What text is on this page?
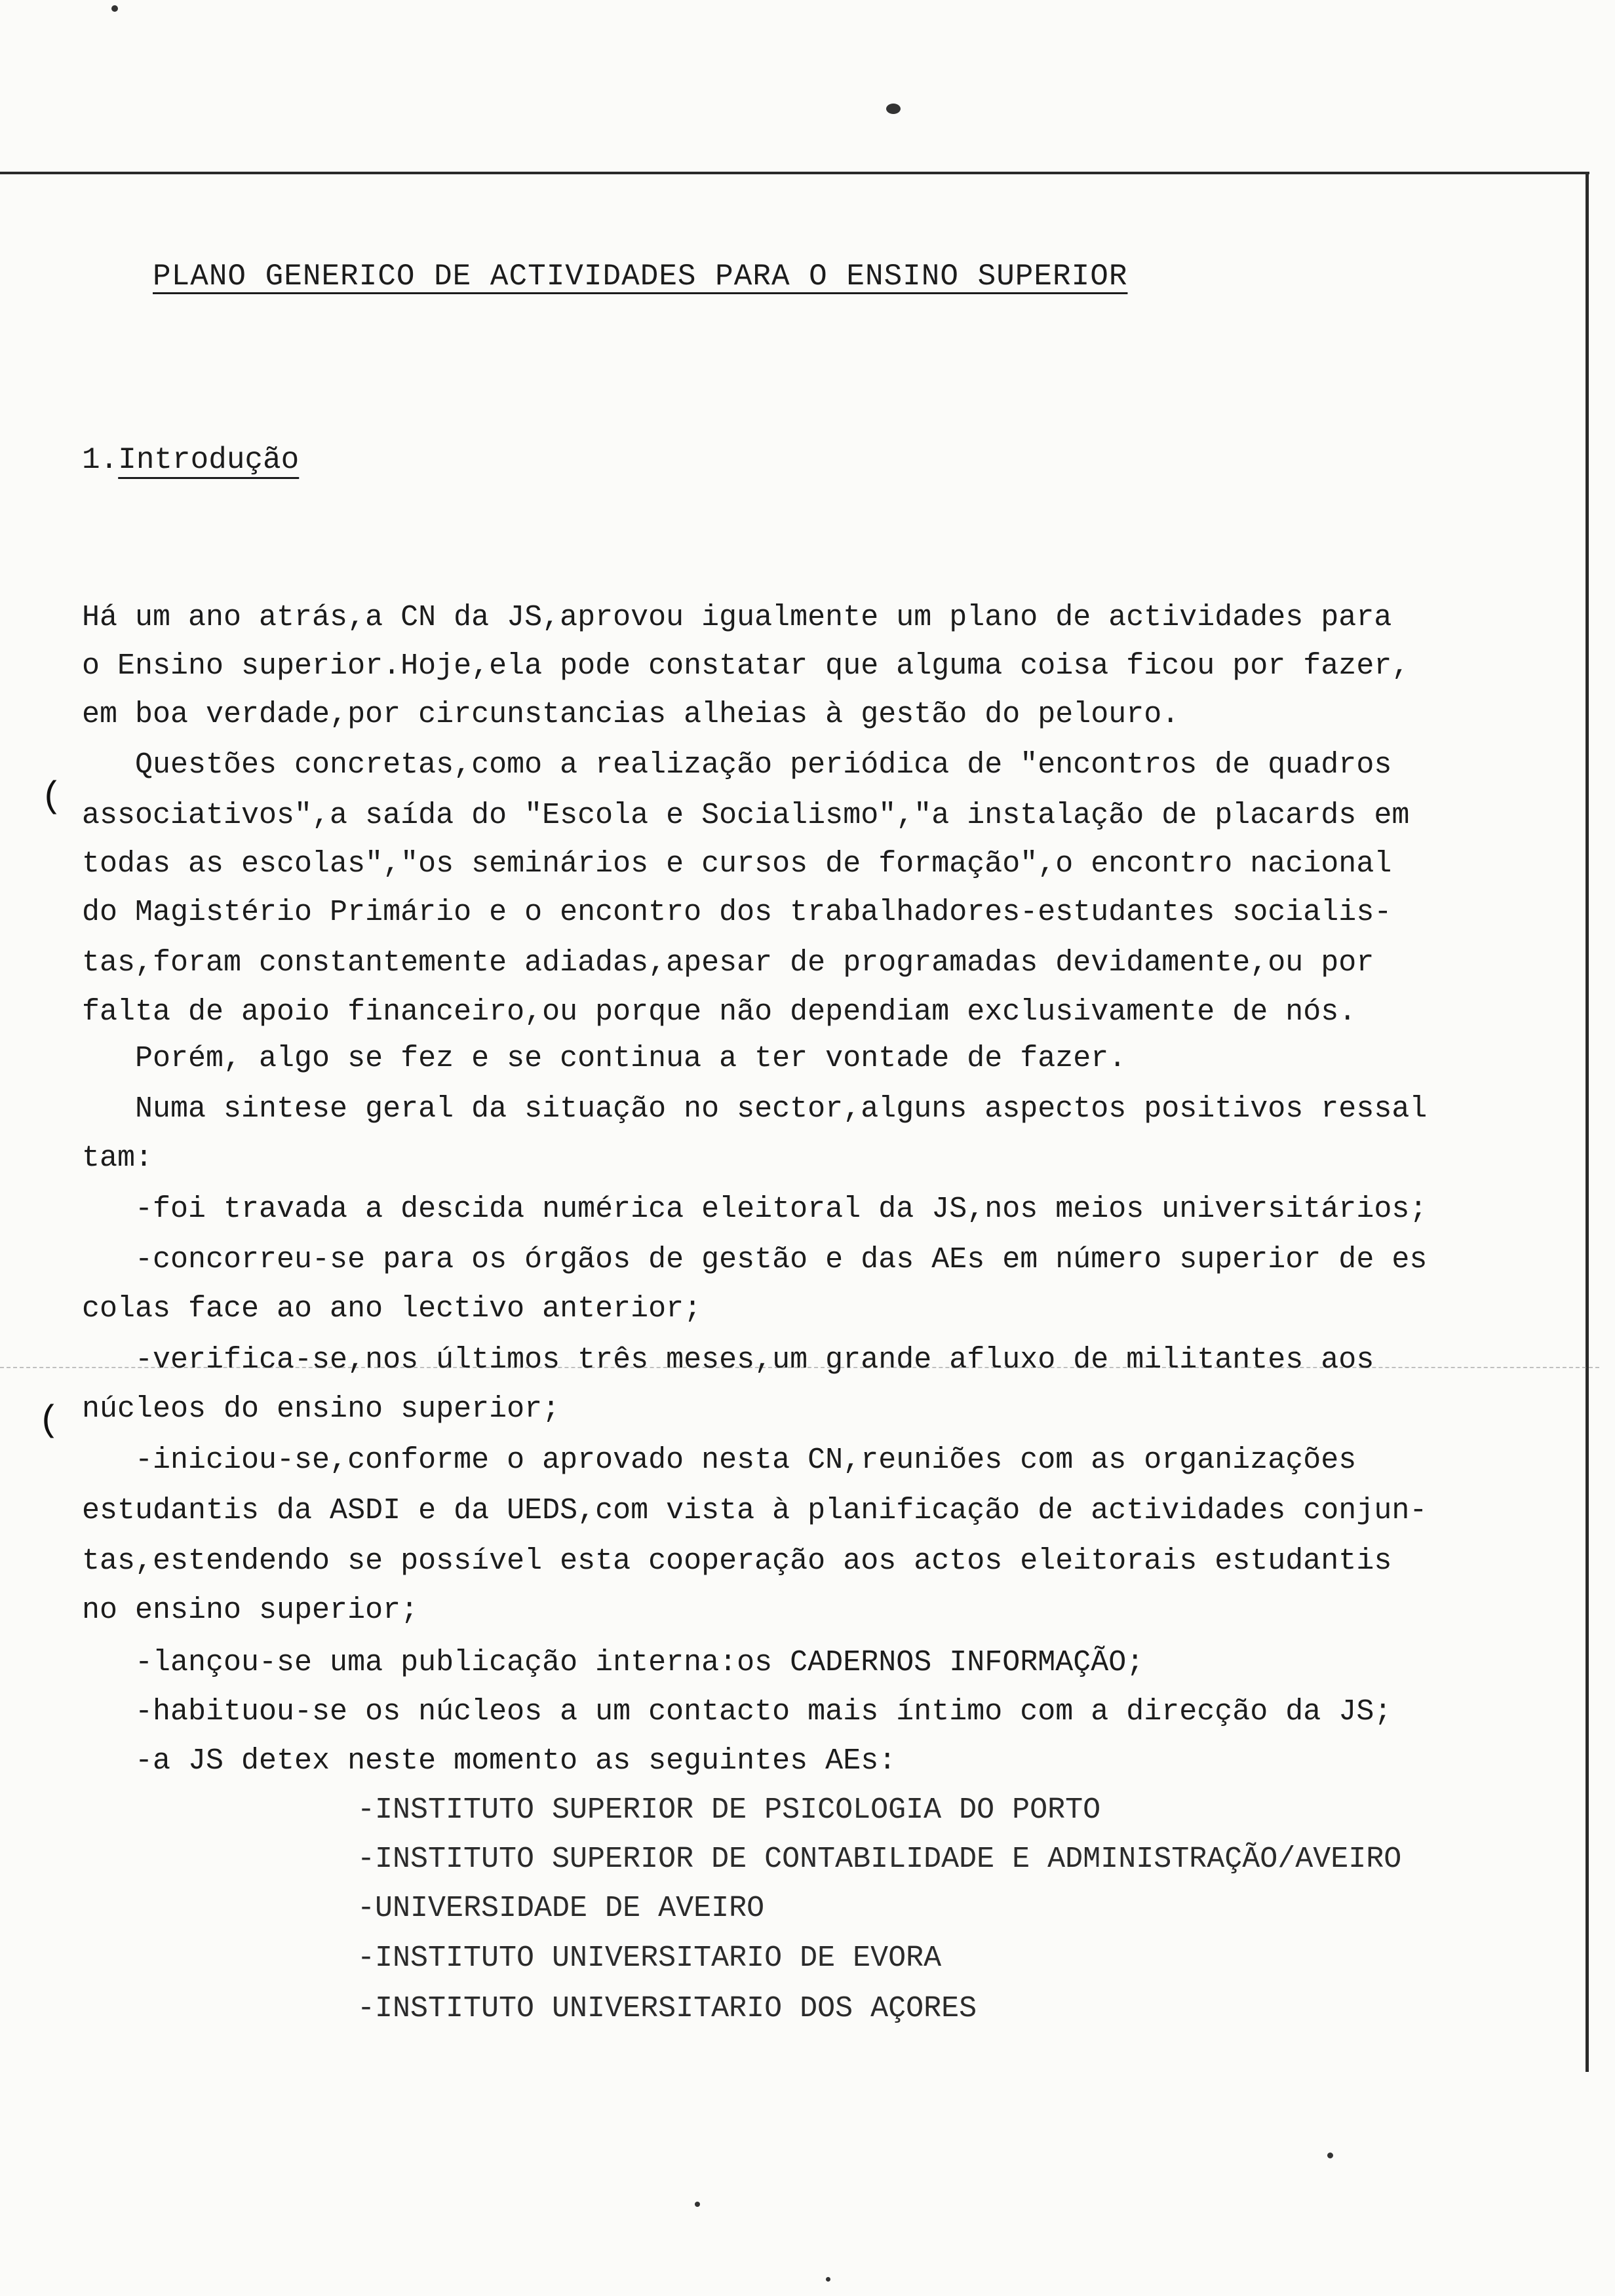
PLANO GENERICO DE ACTIVIDADES PARA O ENSINO SUPERIOR
1.Introdução
(
(
Há um ano atrás,a CN da JS,aprovou igualmente um plano de actividades para
o Ensino superior.Hoje,ela pode constatar que alguma coisa ficou por fazer,
em boa verdade,por circunstancias alheias à gestão do pelouro.
Questões concretas,como a realização periódica de "encontros de quadros
associativos",a saída do "Escola e Socialismo","a instalação de placards em
todas as escolas","os seminários e cursos de formação",o encontro nacional
do Magistério Primário e o encontro dos trabalhadores-estudantes socialis-
tas,foram constantemente adiadas,apesar de programadas devidamente,ou por
falta de apoio financeiro,ou porque não dependiam exclusivamente de nós.
Porém, algo se fez e se continua a ter vontade de fazer.
Numa sintese geral da situação no sector,alguns aspectos positivos ressal
tam:
-foi travada a descida numérica eleitoral da JS,nos meios universitários;
-concorreu-se para os órgãos de gestão e das AEs em número superior de es
colas face ao ano lectivo anterior;
-verifica-se,nos últimos três meses,um grande afluxo de militantes aos
núcleos do ensino superior;
-iniciou-se,conforme o aprovado nesta CN,reuniões com as organizações
estudantis da ASDI e da UEDS,com vista à planificação de actividades conjun-
tas,estendendo se possível esta cooperação aos actos eleitorais estudantis
no ensino superior;
-lançou-se uma publicação interna:os CADERNOS INFORMAÇÃO;
-habituou-se os núcleos a um contacto mais íntimo com a direcção da JS;
-a JS detex neste momento as seguintes AEs:
-INSTITUTO SUPERIOR DE PSICOLOGIA DO PORTO
-INSTITUTO SUPERIOR DE CONTABILIDADE E ADMINISTRAÇÃO/AVEIRO
-UNIVERSIDADE DE AVEIRO
-INSTITUTO UNIVERSITARIO DE EVORA
-INSTITUTO UNIVERSITARIO DOS AÇORES
